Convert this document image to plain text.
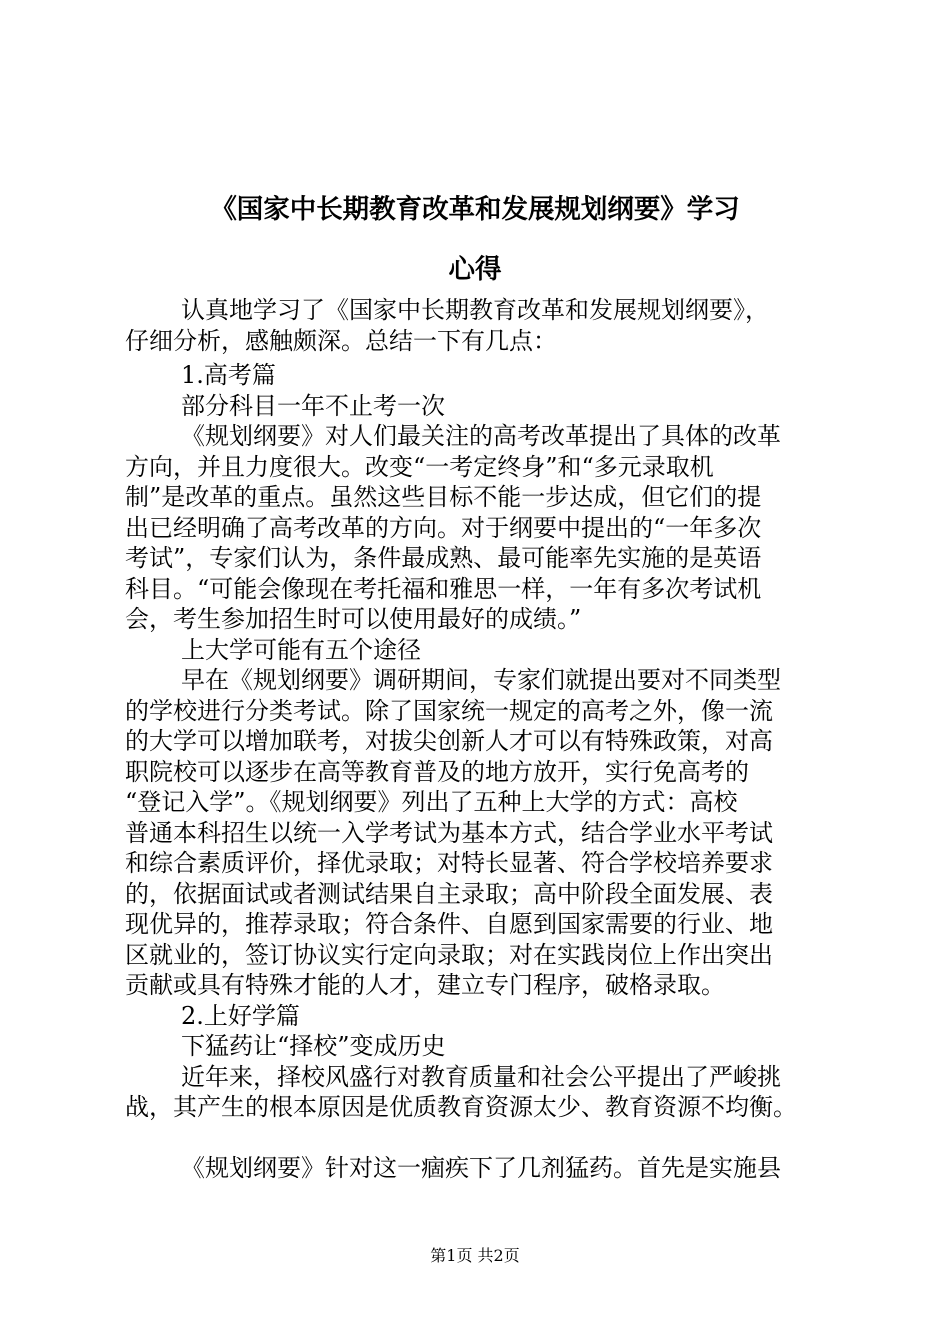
《国家中长期教育改革和发展规划纲要》学习
心得

认真地学习了《国家中长期教育改革和发展规划纲要》，

仔细分析，感触颇深。总结一下有几点：

1.高考篇

部分科目一年不止考一次

《规划纲要》对人们最关注的高考改革提出了具体的改革

方向，并且力度很大。改变“一考定终身”和“多元录取机

制”是改革的重点。虽然这些目标不能一步达成，但它们的提

出已经明确了高考改革的方向。对于纲要中提出的“一年多次

考试”，专家们认为，条件最成熟、最可能率先实施的是英语

科目。“可能会像现在考托福和雅思一样，一年有多次考试机

会，考生参加招生时可以使用最好的成绩。”

上大学可能有五个途径

早在《规划纲要》调研期间，专家们就提出要对不同类型

的学校进行分类考试。除了国家统一规定的高考之外，像一流

的大学可以增加联考，对拔尖创新人才可以有特殊政策，对高

职院校可以逐步在高等教育普及的地方放开，实行免高考的

“登记入学”。《规划纲要》列出了五种上大学的方式：高校

普通本科招生以统一入学考试为基本方式，结合学业水平考试

和综合素质评价，择优录取；对特长显著、符合学校培养要求

的，依据面试或者测试结果自主录取；高中阶段全面发展、表

现优异的，推荐录取；符合条件、自愿到国家需要的行业、地

区就业的，签订协议实行定向录取；对在实践岗位上作出突出

贡献或具有特殊才能的人才，建立专门程序，破格录取。

2.上好学篇

下猛药让“择校”变成历史

近年来，择校风盛行对教育质量和社会公平提出了严峻挑

战，其产生的根本原因是优质教育资源太少、教育资源不均衡。

《规划纲要》针对这一痼疾下了几剂猛药。首先是实施县

第1页 共2页
